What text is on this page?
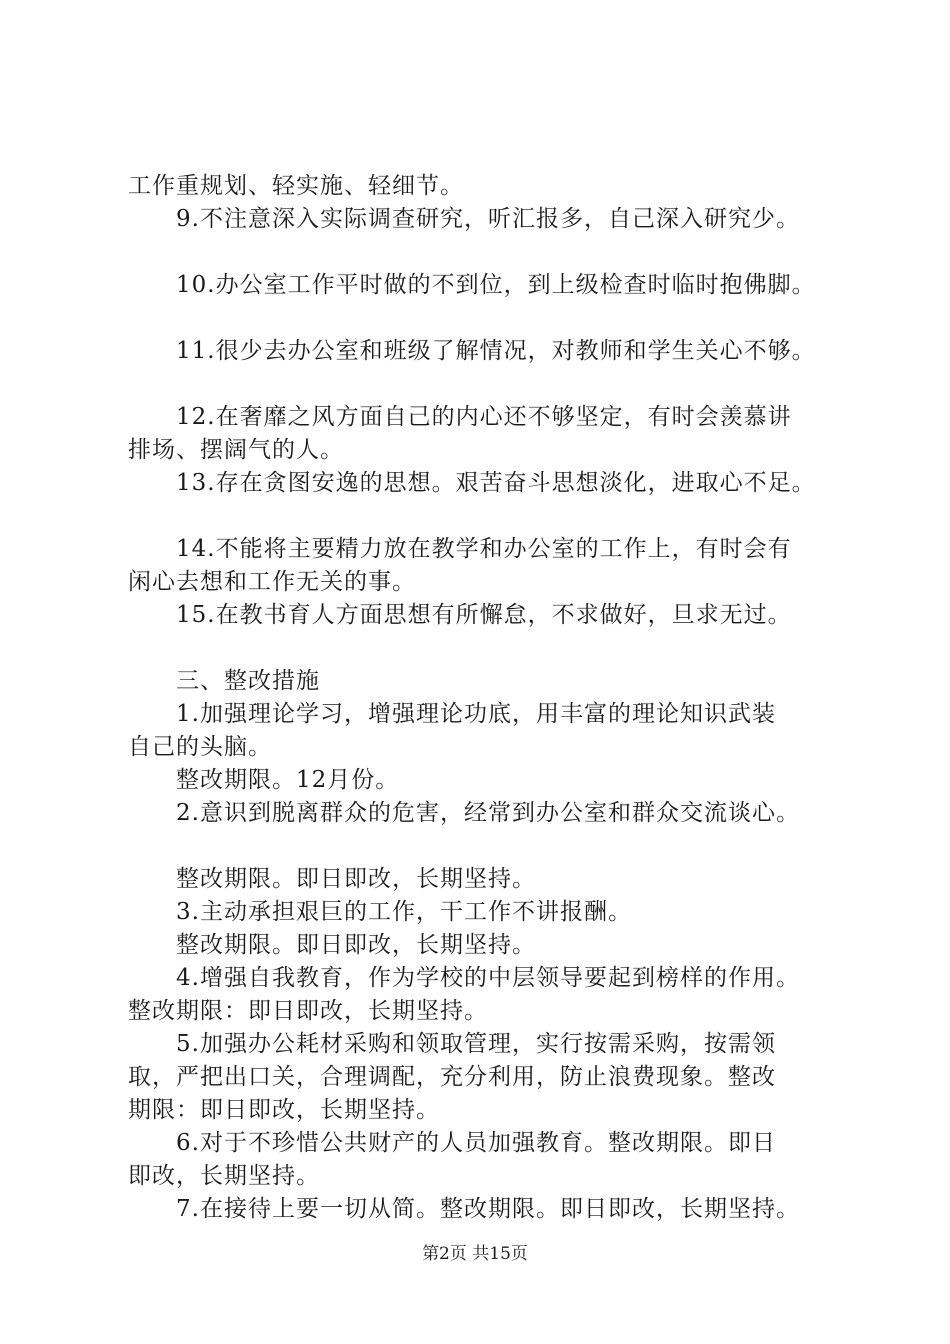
工作重规划、轻实施、轻细节。
9.不注意深入实际调查研究，听汇报多，自己深入研究少。
10.办公室工作平时做的不到位，到上级检查时临时抱佛脚。
11.很少去办公室和班级了解情况，对教师和学生关心不够。
12.在奢靡之风方面自己的内心还不够坚定，有时会羡慕讲
排场、摆阔气的人。
13.存在贪图安逸的思想。艰苦奋斗思想淡化，进取心不足。
14.不能将主要精力放在教学和办公室的工作上，有时会有
闲心去想和工作无关的事。
15.在教书育人方面思想有所懈怠，不求做好，旦求无过。
三、整改措施
1.加强理论学习，增强理论功底，用丰富的理论知识武装
自己的头脑。
整改期限。12月份。
2.意识到脱离群众的危害，经常到办公室和群众交流谈心。
整改期限。即日即改，长期坚持。
3.主动承担艰巨的工作，干工作不讲报酬。
整改期限。即日即改，长期坚持。
4.增强自我教育，作为学校的中层领导要起到榜样的作用。
整改期限：即日即改，长期坚持。
5.加强办公耗材采购和领取管理，实行按需采购，按需领
取，严把出口关，合理调配，充分利用，防止浪费现象。整改
期限：即日即改，长期坚持。
6.对于不珍惜公共财产的人员加强教育。整改期限。即日
即改，长期坚持。
7.在接待上要一切从简。整改期限。即日即改，长期坚持。
第2页 共15页
